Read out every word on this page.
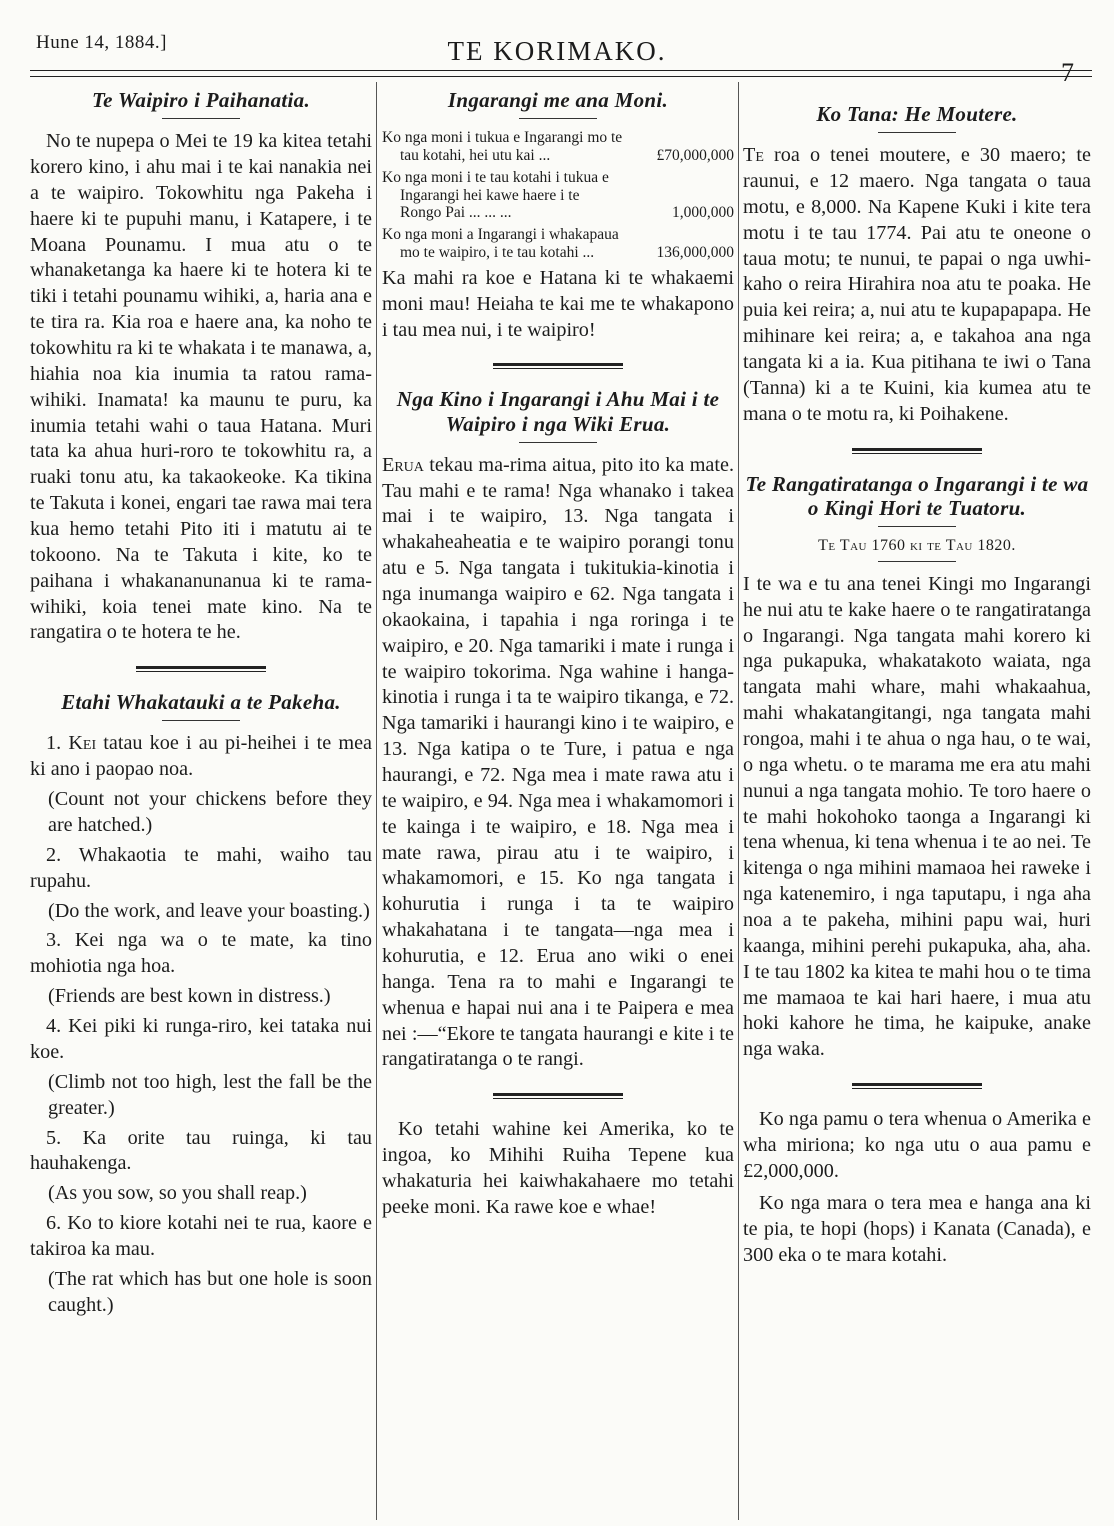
Hune 14, 1884.]	TE KORIMAKO.
7
Te Waipiro i Paihanatia.

No te nupepa o Mei te 19 ka kitea tetahi korero kino, i ahu mai i te kai nanakia nei a te waipiro. Tokowhitu nga Pakeha i haere ki te pupuhi manu, i Katapere, i te Moana Pounamu. I mua atu o te whanaketanga ka haere ki te hotera ki te tiki i tetahi pounamu wihiki, a, haria ana e te tira ra. Kia roa e haere ana, ka noho te tokowhitu ra ki te whakata i te manawa, a, hiahia noa kia inumia ta ratou rama-wihiki. Inamata! ka maunu te puru, ka inumia tetahi wahi o taua Hatana. Muri tata ka ahua huri-roro te tokowhitu ra, a ruaki tonu atu, ka takaokeoke. Ka tikina te Takuta i konei, engari tae rawa mai tera kua hemo tetahi Pito iti i matutu ai te tokoono. Na te Takuta i kite, ko te paihana i whakananunanua ki te rama-wihiki, koia tenei mate kino. Na te rangatira o te hotera te he.

Etahi Whakatauki a te Pakeha.

1. Kei tatau koe i au pi-heihei i te mea ki ano i paopao noa.

(Count not your chickens before they are hatched.)

2. Whakaotia te mahi, waiho tau rupahu.

(Do the work, and leave your boasting.)

3. Kei nga wa o te mate, ka tino mohiotia nga hoa.

(Friends are best kown in distress.)

4. Kei piki ki runga-riro, kei tataka nui koe.

(Climb not too high, lest the fall be the greater.)

5. Ka orite tau ruinga, ki tau hauhakenga.

(As you sow, so you shall reap.)

6. Ko to kiore kotahi nei te rua, kaore e takiroa ka mau.

(The rat which has but one hole is soon caught.)

Ingarangi me ana Moni.
Ko nga moni i tukua e Ingarangi mo te tau kotahi, hei utu kai ...	£70,000,000
Ko nga moni i te tau kotahi i tukua e Ingarangi hei kawe haere i te Rongo Pai ... ... ...	1,000,000
Ko nga moni a Ingarangi i whakapaua mo te waipiro, i te tau kotahi ...	136,000,000

Ka mahi ra koe e Hatana ki te whakaemi moni mau! Heiaha te kai me te whakapono i tau mea nui, i te waipiro!

Nga Kino i Ingarangi i Ahu Mai i te Waipiro i nga Wiki Erua.

Erua tekau ma-rima aitua, pito ito ka mate. Tau mahi e te rama! Nga whanako i takea mai i te waipiro, 13. Nga tangata i whakaheaheatia e te waipiro porangi tonu atu e 5. Nga tangata i tukitukia-kinotia i nga inumanga waipiro e 62. Nga tangata i okaokaina, i tapahia i nga roringa i te waipiro, e 20. Nga tamariki i mate i runga i te waipiro tokorima. Nga wahine i hanga-kinotia i runga i ta te waipiro tikanga, e 72. Nga tamariki i haurangi kino i te waipiro, e 13. Nga katipa o te Ture, i patua e nga haurangi, e 72. Nga mea i mate rawa atu i te waipiro, e 94. Nga mea i whakamomori i te kainga i te waipiro, e 18. Nga mea i mate rawa, pirau atu i te waipiro, i whakamomori, e 15. Ko nga tangata i kohurutia i runga i ta te waipiro whakahatana i te tangata—nga mea i kohurutia, e 12. Erua ano wiki o enei hanga. Tena ra to mahi e Ingarangi te whenua e hapai nui ana i te Paipera e mea nei :—“Ekore te tangata haurangi e kite i te rangatiratanga o te rangi.

Ko tetahi wahine kei Amerika, ko te ingoa, ko Mihihi Ruiha Tepene kua whakaturia hei kaiwhakahaere mo tetahi peeke moni. Ka rawe koe e whae!

Ko Tana: He Moutere.

Te roa o tenei moutere, e 30 maero; te raunui, e 12 maero. Nga tangata o taua motu, e 8,000. Na Kapene Kuki i kite tera motu i te tau 1774. Pai atu te oneone o taua motu; te nunui, te papai o nga uwhi-kaho o reira Hirahira noa atu te poaka. He puia kei reira; a, nui atu te kupapapapa. He mihinare kei reira; a, e takahoa ana nga tangata ki a ia. Kua pitihana te iwi o Tana (Tanna) ki a te Kuini, kia kumea atu te mana o te motu ra, ki Poihakene.

Te Rangatiratanga o Ingarangi i te wa o Kingi Hori te Tuatoru.
Te Tau 1760 ki te Tau 1820.

I te wa e tu ana tenei Kingi mo Ingarangi he nui atu te kake haere o te rangatiratanga o Ingarangi. Nga tangata mahi korero ki nga pukapuka, whakatakoto waiata, nga tangata mahi whare, mahi whakaahua, mahi whakatangitangi, nga tangata mahi rongoa, mahi i te ahua o nga hau, o te wai, o nga whetu. o te marama me era atu mahi nunui a nga tangata mohio. Te toro haere o te mahi hokohoko taonga a Ingarangi ki tena whenua, ki tena whenua i te ao nei. Te kitenga o nga mihini mamaoa hei raweke i nga katenemiro, i nga taputapu, i nga aha noa a te pakeha, mihini papu wai, huri kaanga, mihini perehi pukapuka, aha, aha. I te tau 1802 ka kitea te mahi hou o te tima me mamaoa te kai hari haere, i mua atu hoki kahore he tima, he kaipuke, anake nga waka.

Ko nga pamu o tera whenua o Amerika e wha miriona; ko nga utu o aua pamu e £2,000,000.

Ko nga mara o tera mea e hanga ana ki te pia, te hopi (hops) i Kanata (Canada), e 300 eka o te mara kotahi.
